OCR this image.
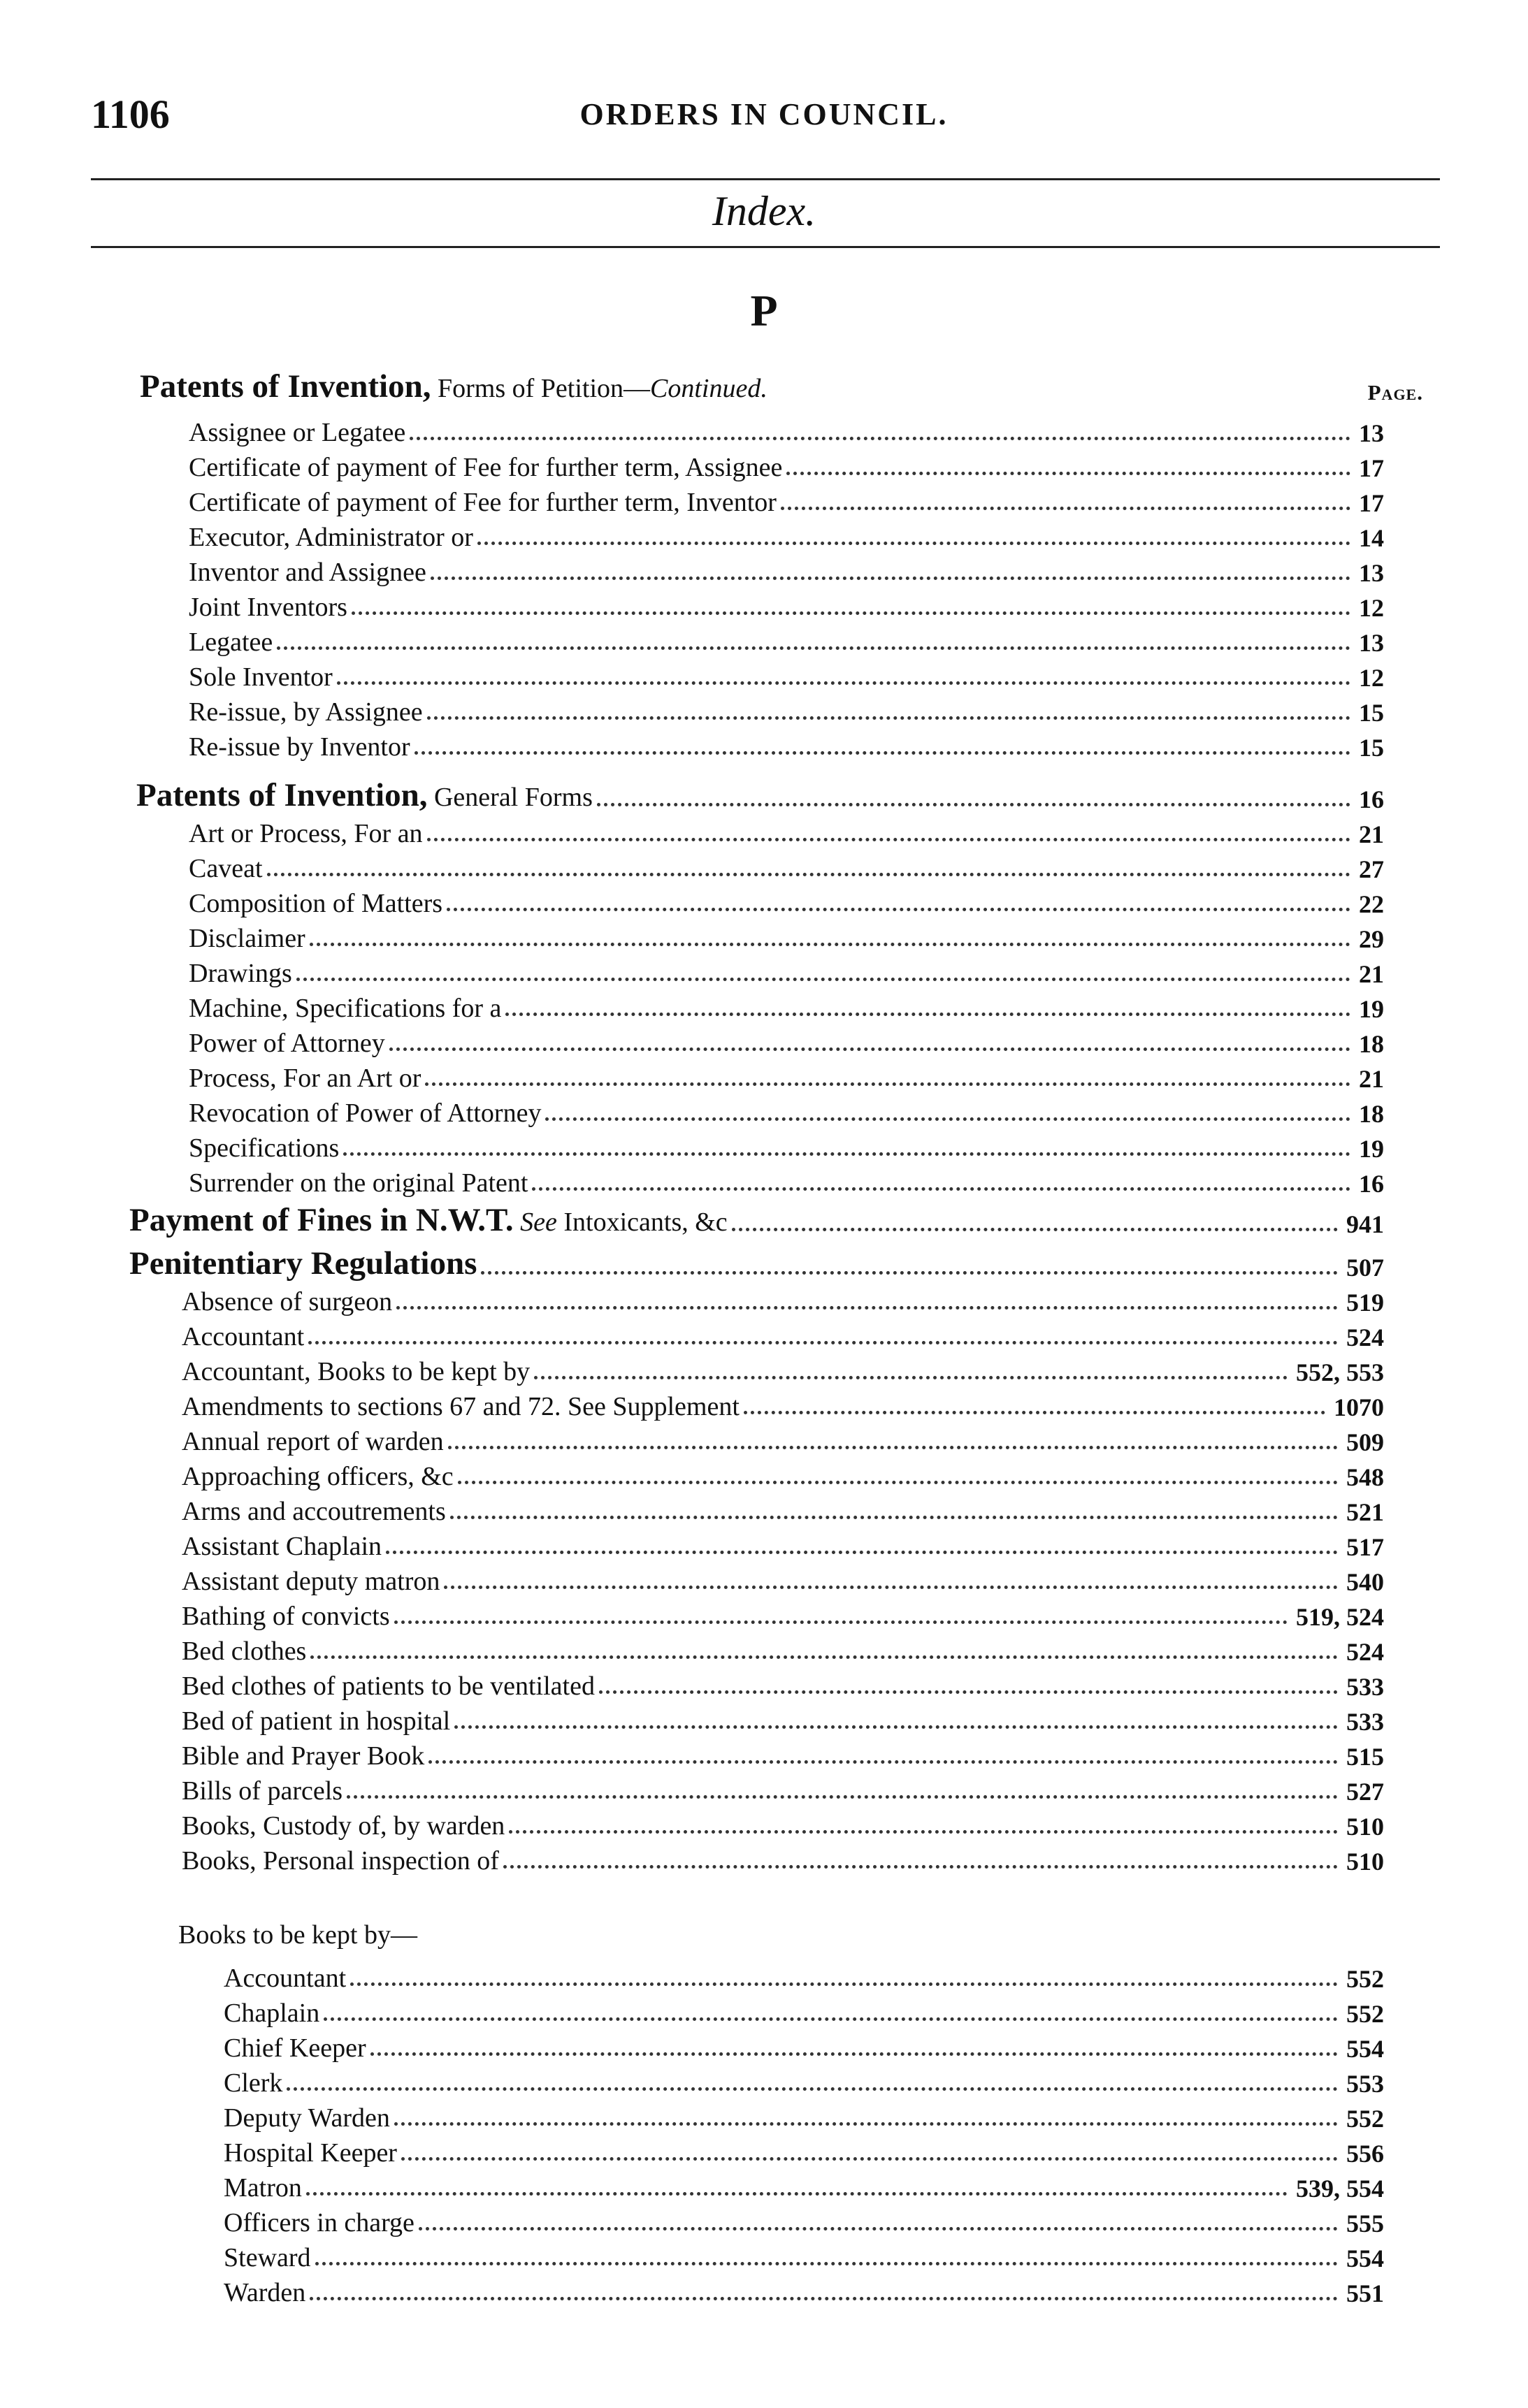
1106	ORDERS IN COUNCIL.
Index.
P
Patents of Invention, Forms of Petition—Continued.	Page.
Assignee or Legatee	13
Certificate of payment of Fee for further term, Assignee	17
Certificate of payment of Fee for further term, Inventor	17
Executor, Administrator or	14
Inventor and Assignee	13
Joint Inventors	12
Legatee	13
Sole Inventor	12
Re-issue, by Assignee	15
Re-issue by Inventor	15
Patents of Invention, General Forms	16
Art or Process, For an	21
Caveat	27
Composition of Matters	22
Disclaimer	29
Drawings	21
Machine, Specifications for a	19
Power of Attorney	18
Process, For an Art or	21
Revocation of Power of Attorney	18
Specifications	19
Surrender on the original Patent	16
Payment of Fines in N.W.T. See Intoxicants, &c	941
Penitentiary Regulations	507
Absence of surgeon	519
Accountant	524
Accountant, Books to be kept by	552, 553
Amendments to sections 67 and 72. See Supplement	1070
Annual report of warden	509
Approaching officers, &c	548
Arms and accoutrements	521
Assistant Chaplain	517
Assistant deputy matron	540
Bathing of convicts	519, 524
Bed clothes	524
Bed clothes of patients to be ventilated	533
Bed of patient in hospital	533
Bible and Prayer Book	515
Bills of parcels	527
Books, Custody of, by warden	510
Books, Personal inspection of	510
Books to be kept by—
Accountant	552
Chaplain	552
Chief Keeper	554
Clerk	553
Deputy Warden	552
Hospital Keeper	556
Matron	539, 554
Officers in charge	555
Steward	554
Warden	551
